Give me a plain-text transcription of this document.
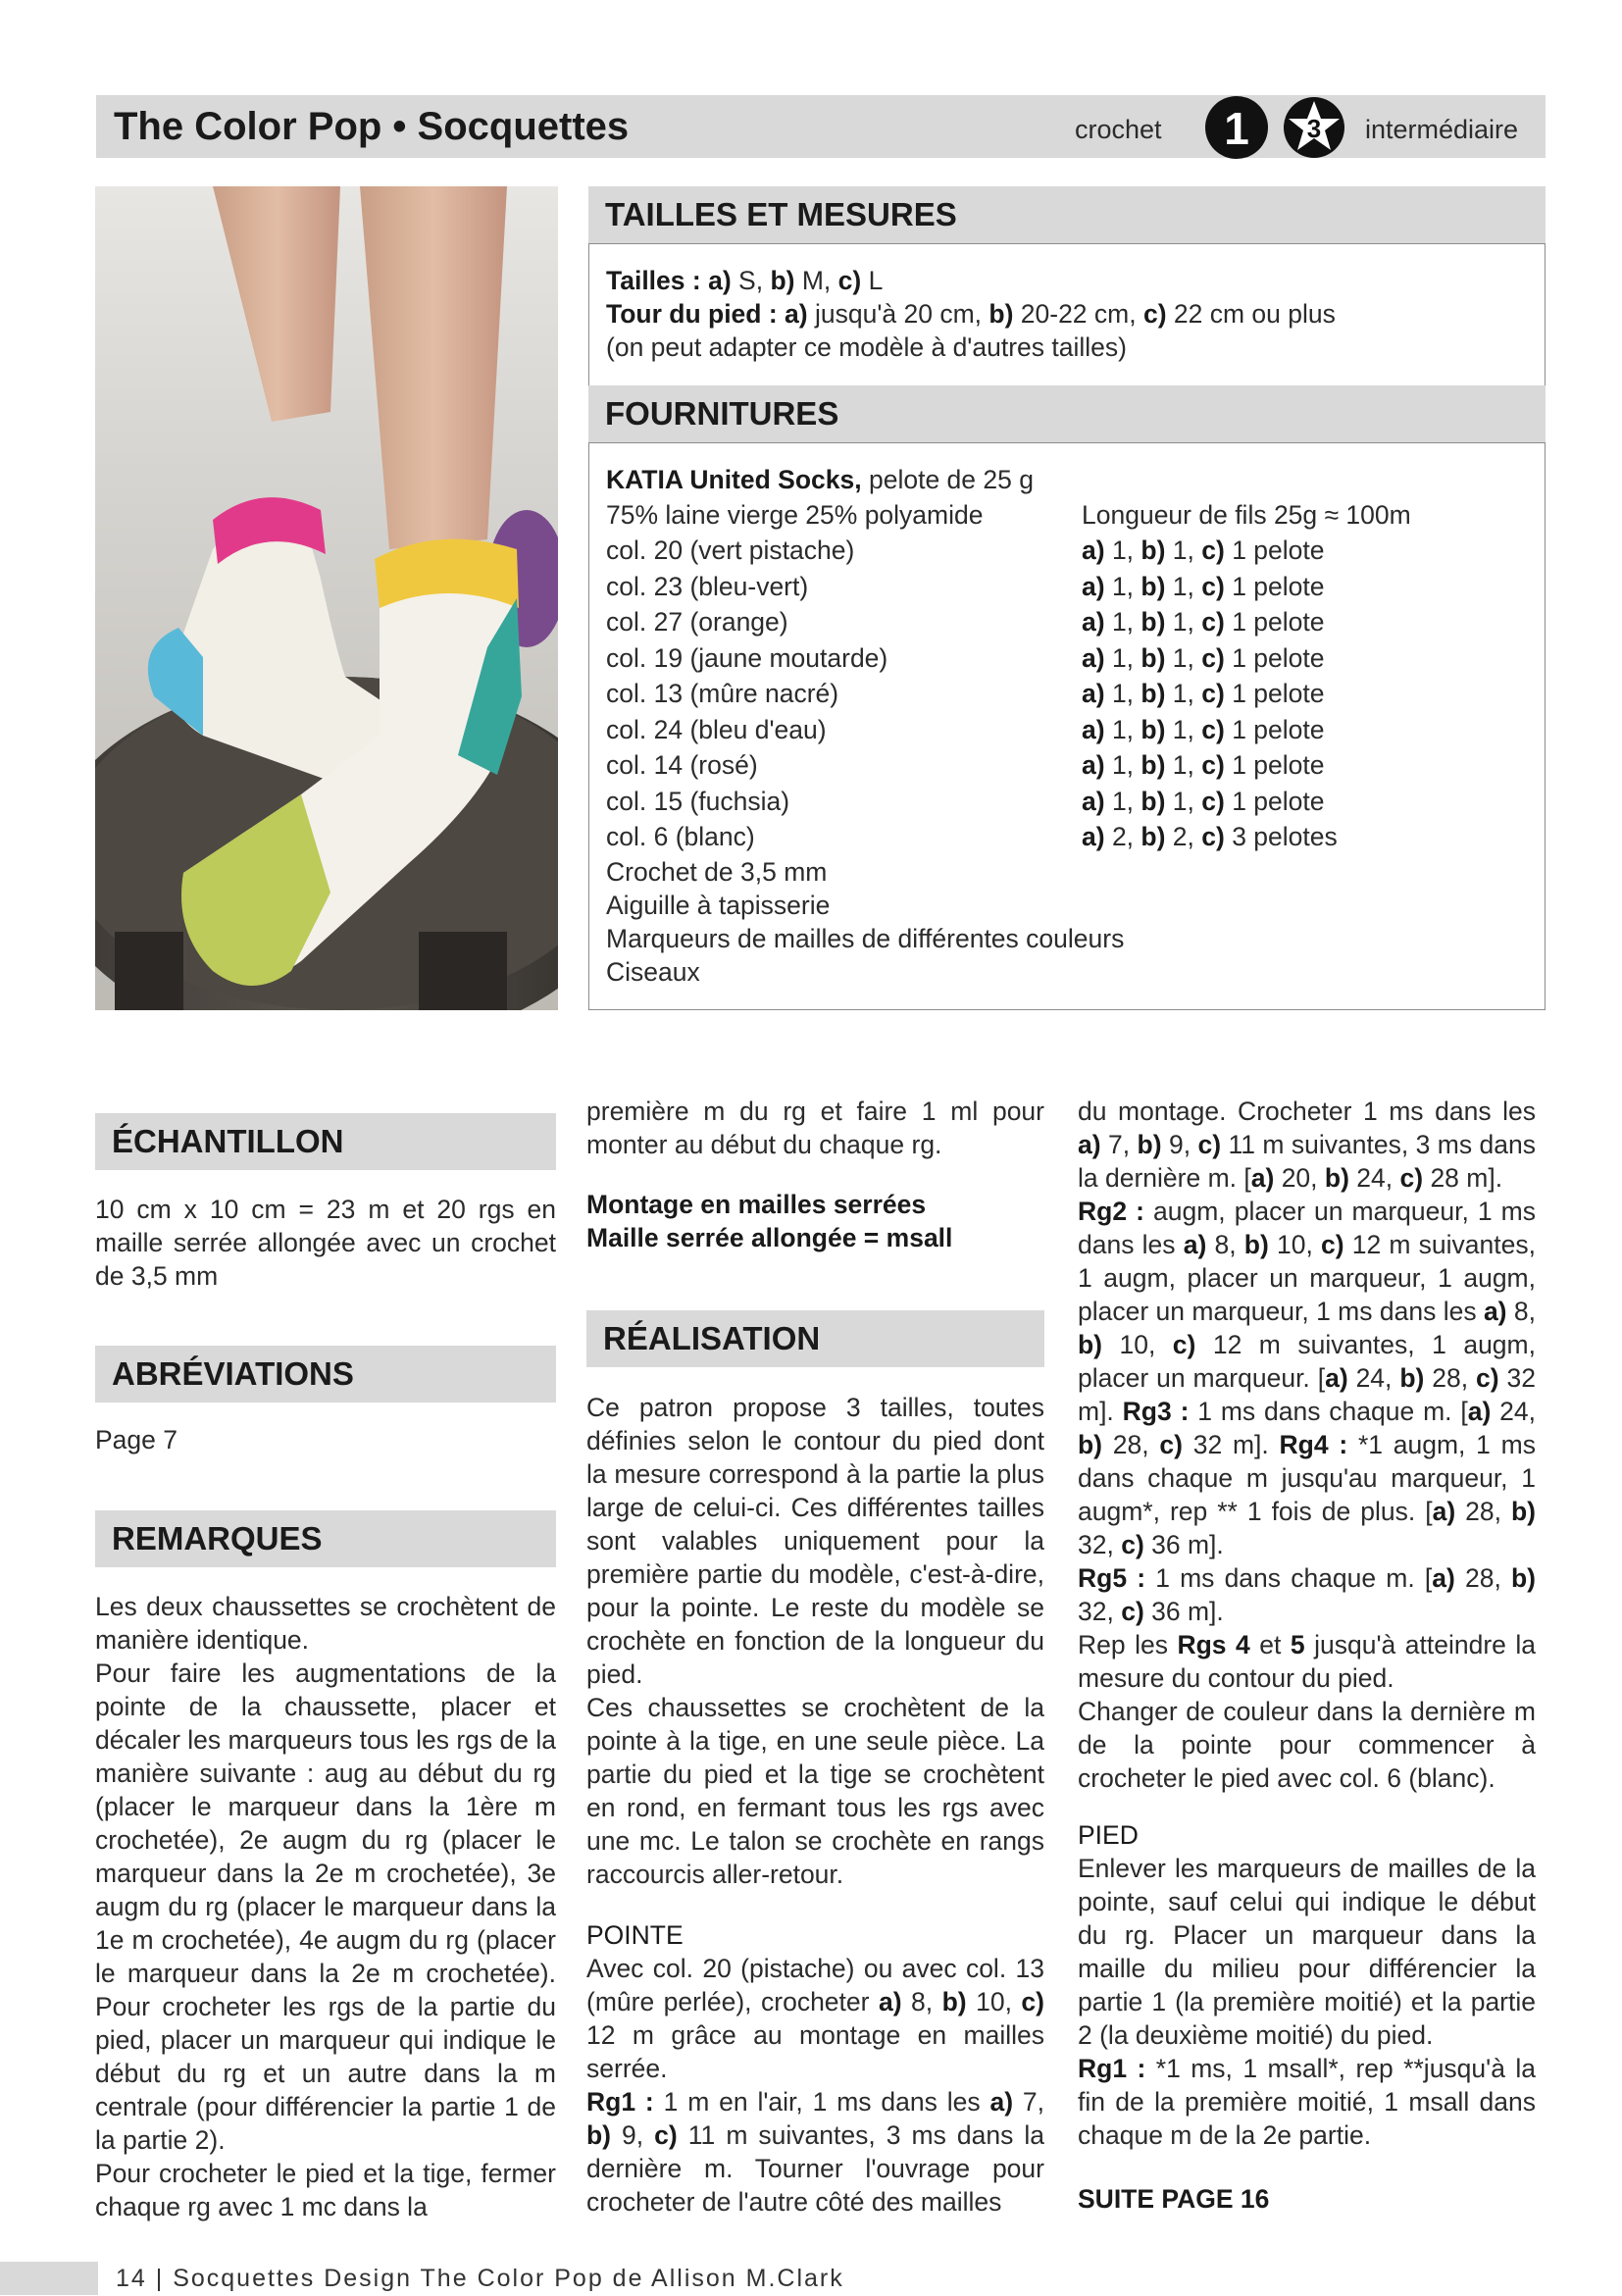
The Color Pop • Socquettes	crochet 1 3 intermédiaire
TAILLES ET MESURES
Tailles : a) S, b) M, c) L
Tour du pied : a) jusqu'à 20 cm, b) 20-22 cm, c) 22 cm ou plus
(on peut adapter ce modèle à d'autres tailles)
FOURNITURES
KATIA United Socks, pelote de 25 g
75% laine vierge 25% polyamide	Longueur de fils 25g ≈ 100m
col. 20 (vert pistache)	a) 1, b) 1, c) 1 pelote
col. 23 (bleu-vert)	a) 1, b) 1, c) 1 pelote
col. 27 (orange)	a) 1, b) 1, c) 1 pelote
col. 19 (jaune moutarde)	a) 1, b) 1, c) 1 pelote
col. 13 (mûre nacré)	a) 1, b) 1, c) 1 pelote
col. 24 (bleu d'eau)	a) 1, b) 1, c) 1 pelote
col. 14 (rosé)	a) 1, b) 1, c) 1 pelote
col. 15 (fuchsia)	a) 1, b) 1, c) 1 pelote
col. 6 (blanc)	a) 2, b) 2, c) 3 pelotes
Crochet de 3,5 mm
Aiguille à tapisserie
Marqueurs de mailles de différentes couleurs
Ciseaux
ÉCHANTILLON
10 cm x 10 cm = 23 m et 20 rgs en maille serrée allongée avec un crochet de 3,5 mm
ABRÉVIATIONS
Page 7
REMARQUES

Les deux chaussettes se crochètent de manière identique.

Pour faire les augmentations de la pointe de la chaussette, placer et décaler les marqueurs tous les rgs de la manière suivante : aug au début du rg (placer le marqueur dans la 1ère m crochetée), 2e augm du rg (placer le marqueur dans la 2e m crochetée), 3e augm du rg (placer le marqueur dans la 1e m crochetée), 4e augm du rg (placer le marqueur dans la 2e m crochetée). Pour crocheter les rgs de la partie du pied, placer un marqueur qui indique le début du rg et un autre dans la m centrale (pour différencier la partie 1 de la partie 2).

Pour crocheter le pied et la tige, fermer chaque rg avec 1 mc dans la

première m du rg et faire 1 ml pour monter au début du chaque rg.

Montage en mailles serrées

Maille serrée allongée = msall

RÉALISATION

Ce patron propose 3 tailles, toutes définies selon le contour du pied dont la mesure correspond à la partie la plus large de celui-ci. Ces différentes tailles sont valables uniquement pour la première partie du modèle, c'est-à-dire, pour la pointe. Le reste du modèle se crochète en fonction de la longueur du pied.

Ces chaussettes se crochètent de la pointe à la tige, en une seule pièce. La partie du pied et la tige se crochètent en rond, en fermant tous les rgs avec une mc. Le talon se crochète en rangs raccourcis aller-retour.

POINTE

Avec col. 20 (pistache) ou avec col. 13 (mûre perlée), crocheter a) 8, b) 10, c) 12 m grâce au montage en mailles serrée.

Rg1 : 1 m en l'air, 1 ms dans les a) 7, b) 9, c) 11 m suivantes, 3 ms dans la dernière m. Tourner l'ouvrage pour crocheter de l'autre côté des mailles

du montage. Crocheter 1 ms dans les a) 7, b) 9, c) 11 m suivantes, 3 ms dans la dernière m. [a) 20, b) 24, c) 28 m].

Rg2 : augm, placer un marqueur, 1 ms dans les a) 8, b) 10, c) 12 m suivantes, 1 augm, placer un marqueur, 1 augm, placer un marqueur, 1 ms dans les a) 8, b) 10, c) 12 m suivantes, 1 augm, placer un marqueur. [a) 24, b) 28, c) 32 m]. Rg3 : 1 ms dans chaque m. [a) 24, b) 28, c) 32 m]. Rg4 : *1 augm, 1 ms dans chaque m jusqu'au marqueur, 1 augm*, rep ** 1 fois de plus. [a) 28, b) 32, c) 36 m].

Rg5 : 1 ms dans chaque m. [a) 28, b) 32, c) 36 m].

Rep les Rgs 4 et 5 jusqu'à atteindre la mesure du contour du pied.

Changer de couleur dans la dernière m de la pointe pour commencer à crocheter le pied avec col. 6 (blanc).

PIED

Enlever les marqueurs de mailles de la pointe, sauf celui qui indique le début du rg. Placer un marqueur dans la maille du milieu pour différencier la partie 1 (la première moitié) et la partie 2 (la deuxième moitié) du pied.

Rg1 : *1 ms, 1 msall*, rep **jusqu'à la fin de la première moitié, 1 msall dans chaque m de la 2e partie.

SUITE PAGE 16
14 | Socquettes Design The Color Pop de Allison M.Clark
